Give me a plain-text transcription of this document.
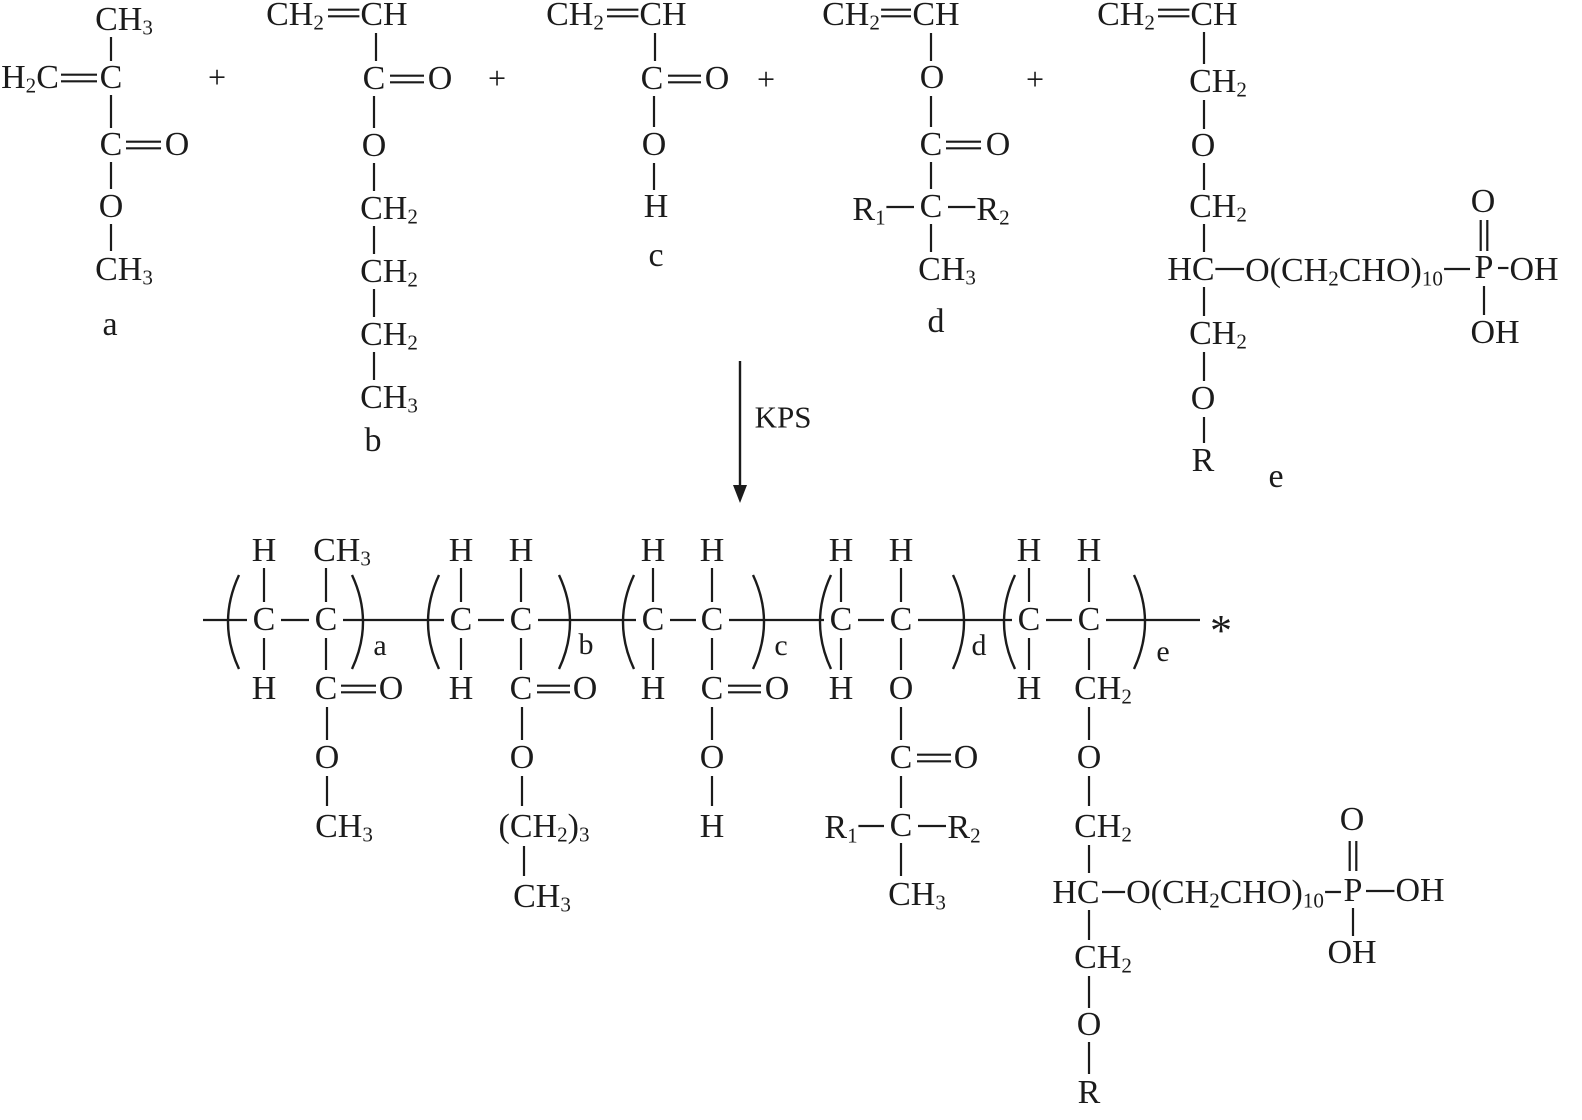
$CH_3$
$H_2C$ C
C O
O
$CH_3$
a
+
$CH_2$ CH
C O
O
$CH_2$
$CH_2$
$CH_2$
$CH_3$
b
+
$CH_2$ CH
C O
O
H
c
+
$CH_2$ CH
O
C O
$R_1$ C $R_2$
$CH_3$
d
+
$CH_2$ CH
$CH_2$
O
$CH_2$
HC $O(CH_2CHO)_{10}$ P
O
OH
OH
$CH_2$
O
R e
KPS
C C	C C	C C	C C	C C *
H $CH_3$ H H	H H	H H	H H
H	H	H	H	H
C O
O
$CH_3$
C O
O
$(CH_2)_3$
$CH_3$
C O
O
H
O
C O
$R_1$ C $R_2$
$CH_3$
$CH_2$
O
$CH_2$
HC $O(CH_2CHO)_{10}$ P
O
OH
OH
$CH_2$
O
R
a	b	c	d	e
